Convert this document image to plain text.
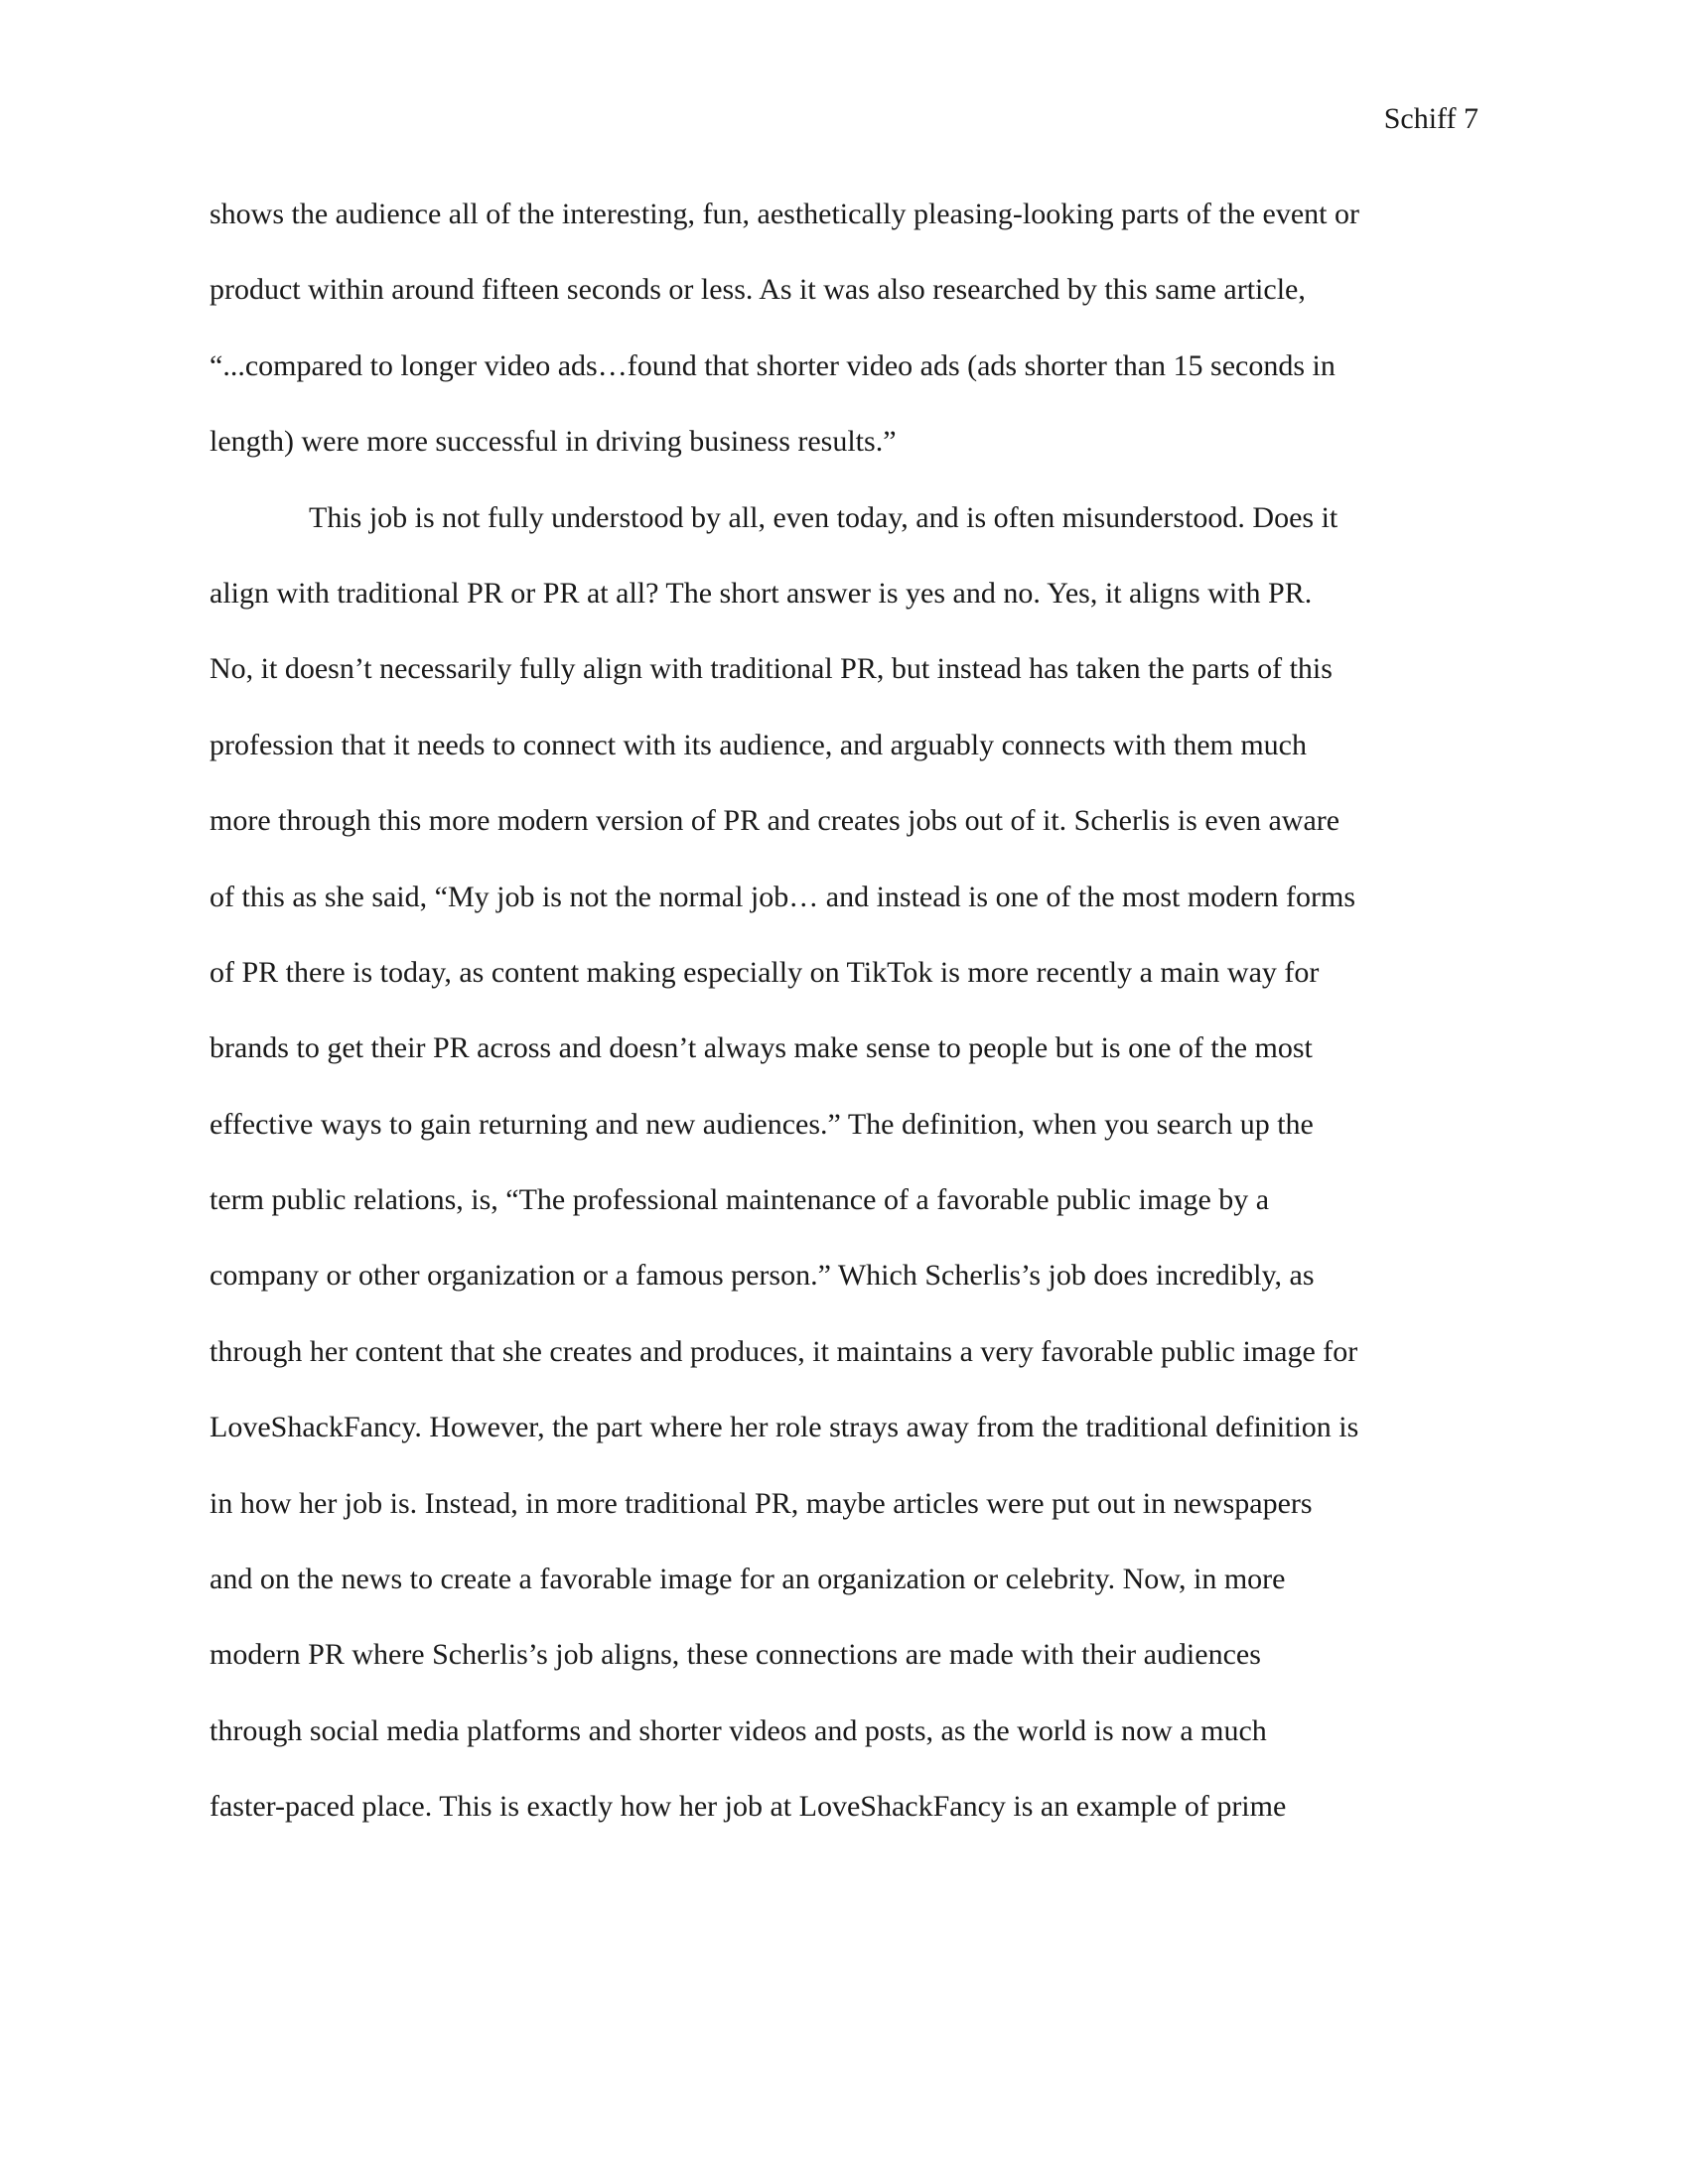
Schiff 7
shows the audience all of the interesting, fun, aesthetically pleasing-looking parts of the event or
product within around fifteen seconds or less. As it was also researched by this same article,
“...compared to longer video ads…found that shorter video ads (ads shorter than 15 seconds in
length) were more successful in driving business results.”
This job is not fully understood by all, even today, and is often misunderstood. Does it
align with traditional PR or PR at all? The short answer is yes and no. Yes, it aligns with PR.
No, it doesn’t necessarily fully align with traditional PR, but instead has taken the parts of this
profession that it needs to connect with its audience, and arguably connects with them much
more through this more modern version of PR and creates jobs out of it. Scherlis is even aware
of this as she said, “My job is not the normal job… and instead is one of the most modern forms
of PR there is today, as content making especially on TikTok is more recently a main way for
brands to get their PR across and doesn’t always make sense to people but is one of the most
effective ways to gain returning and new audiences.” The definition, when you search up the
term public relations, is, “The professional maintenance of a favorable public image by a
company or other organization or a famous person.” Which Scherlis’s job does incredibly, as
through her content that she creates and produces, it maintains a very favorable public image for
LoveShackFancy. However, the part where her role strays away from the traditional definition is
in how her job is. Instead, in more traditional PR, maybe articles were put out in newspapers
and on the news to create a favorable image for an organization or celebrity. Now, in more
modern PR where Scherlis’s job aligns, these connections are made with their audiences
through social media platforms and shorter videos and posts, as the world is now a much
faster-paced place. This is exactly how her job at LoveShackFancy is an example of prime
